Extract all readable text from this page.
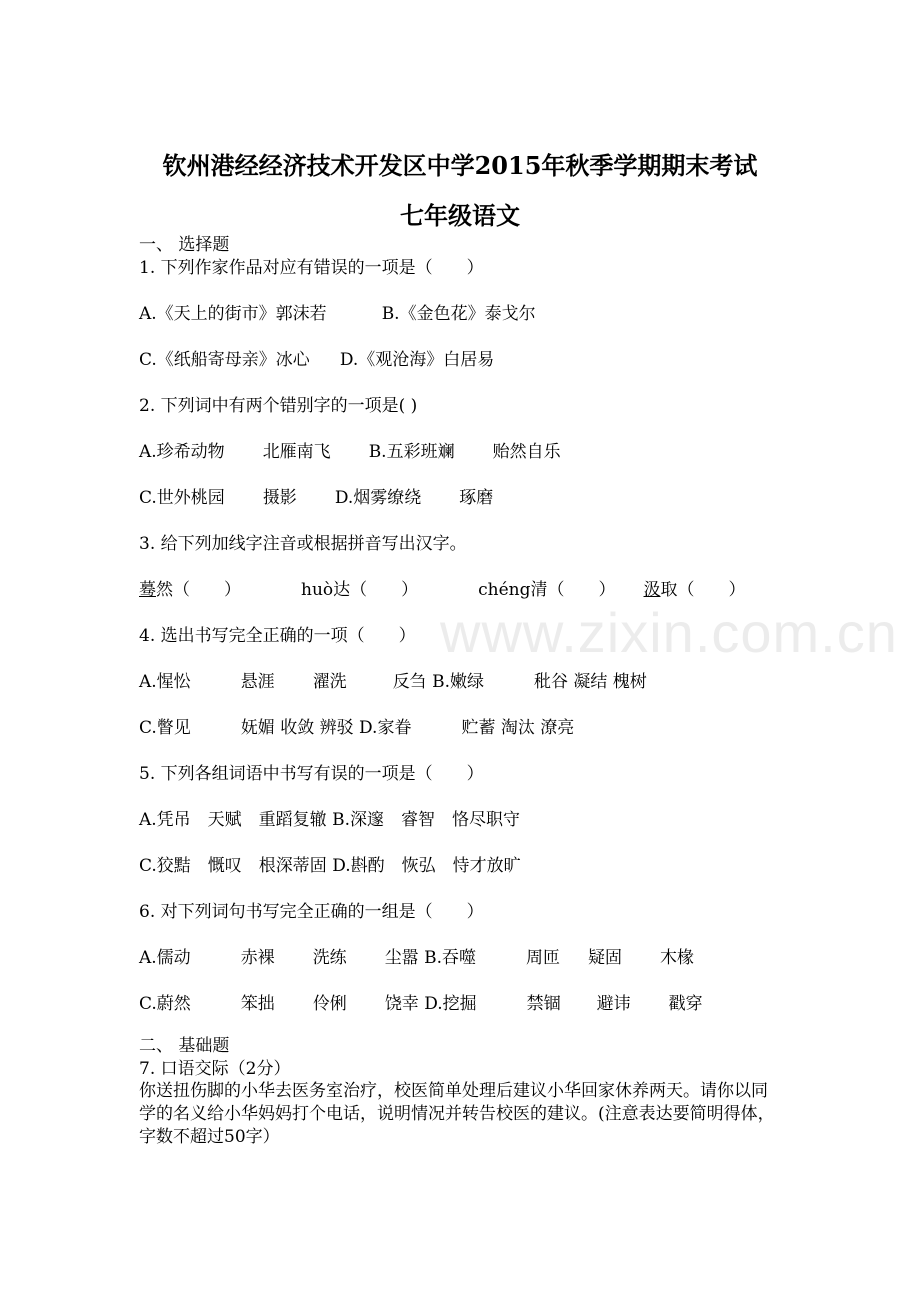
钦州港经经济技术开发区中学2015年秋季学期期末考试
七年级语文
一、 选择题
1. 下列作家作品对应有错误的一项是（　　）
A.《天上的街市》郭沫若	B.《金色花》泰戈尔
C.《纸船寄母亲》冰心 D.《观沧海》白居易
2. 下列词中有两个错别字的一项是( )
A.珍希动物 北雁南飞 B.五彩班斓 贻然自乐
C.世外桃园 摄影 D.烟雾缭绕 琢磨
3. 给下列加线字注音或根据拼音写出汉字。
蓦然（　　）	huò达（　　）	chéng清（　　） 汲取（　　）
4. 选出书写完全正确的一项（　　）
A.惺忪	悬涯 濯洗	反刍 B.嫩绿	秕谷 凝结 槐树
C.瞥见	妩媚 收敛 辨驳 D.家眷	贮蓄 淘汰 潦亮
5. 下列各组词语中书写有误的一项是（　　）
A.凭吊　天赋　重蹈复辙 B.深邃　睿智　恪尽职守
C.狡黠　慨叹　根深蒂固 D.斟酌　恢弘　恃才放旷
6. 对下列词句书写完全正确的一组是（　　）
A.儒动	赤裸 洗练 尘嚣 B.吞噬	周匝 疑固 木椽
C.蔚然	笨拙 伶俐 饶幸 D.挖掘	禁锢 避讳 戳穿
二、 基础题
7. 口语交际（2分）
你送扭伤脚的小华去医务室治疗，校医简单处理后建议小华回家休养两天。请你以同学的名义给小华妈妈打个电话，说明情况并转告校医的建议。(注意表达要简明得体，字数不超过50字）
www.zixin.com.cn
